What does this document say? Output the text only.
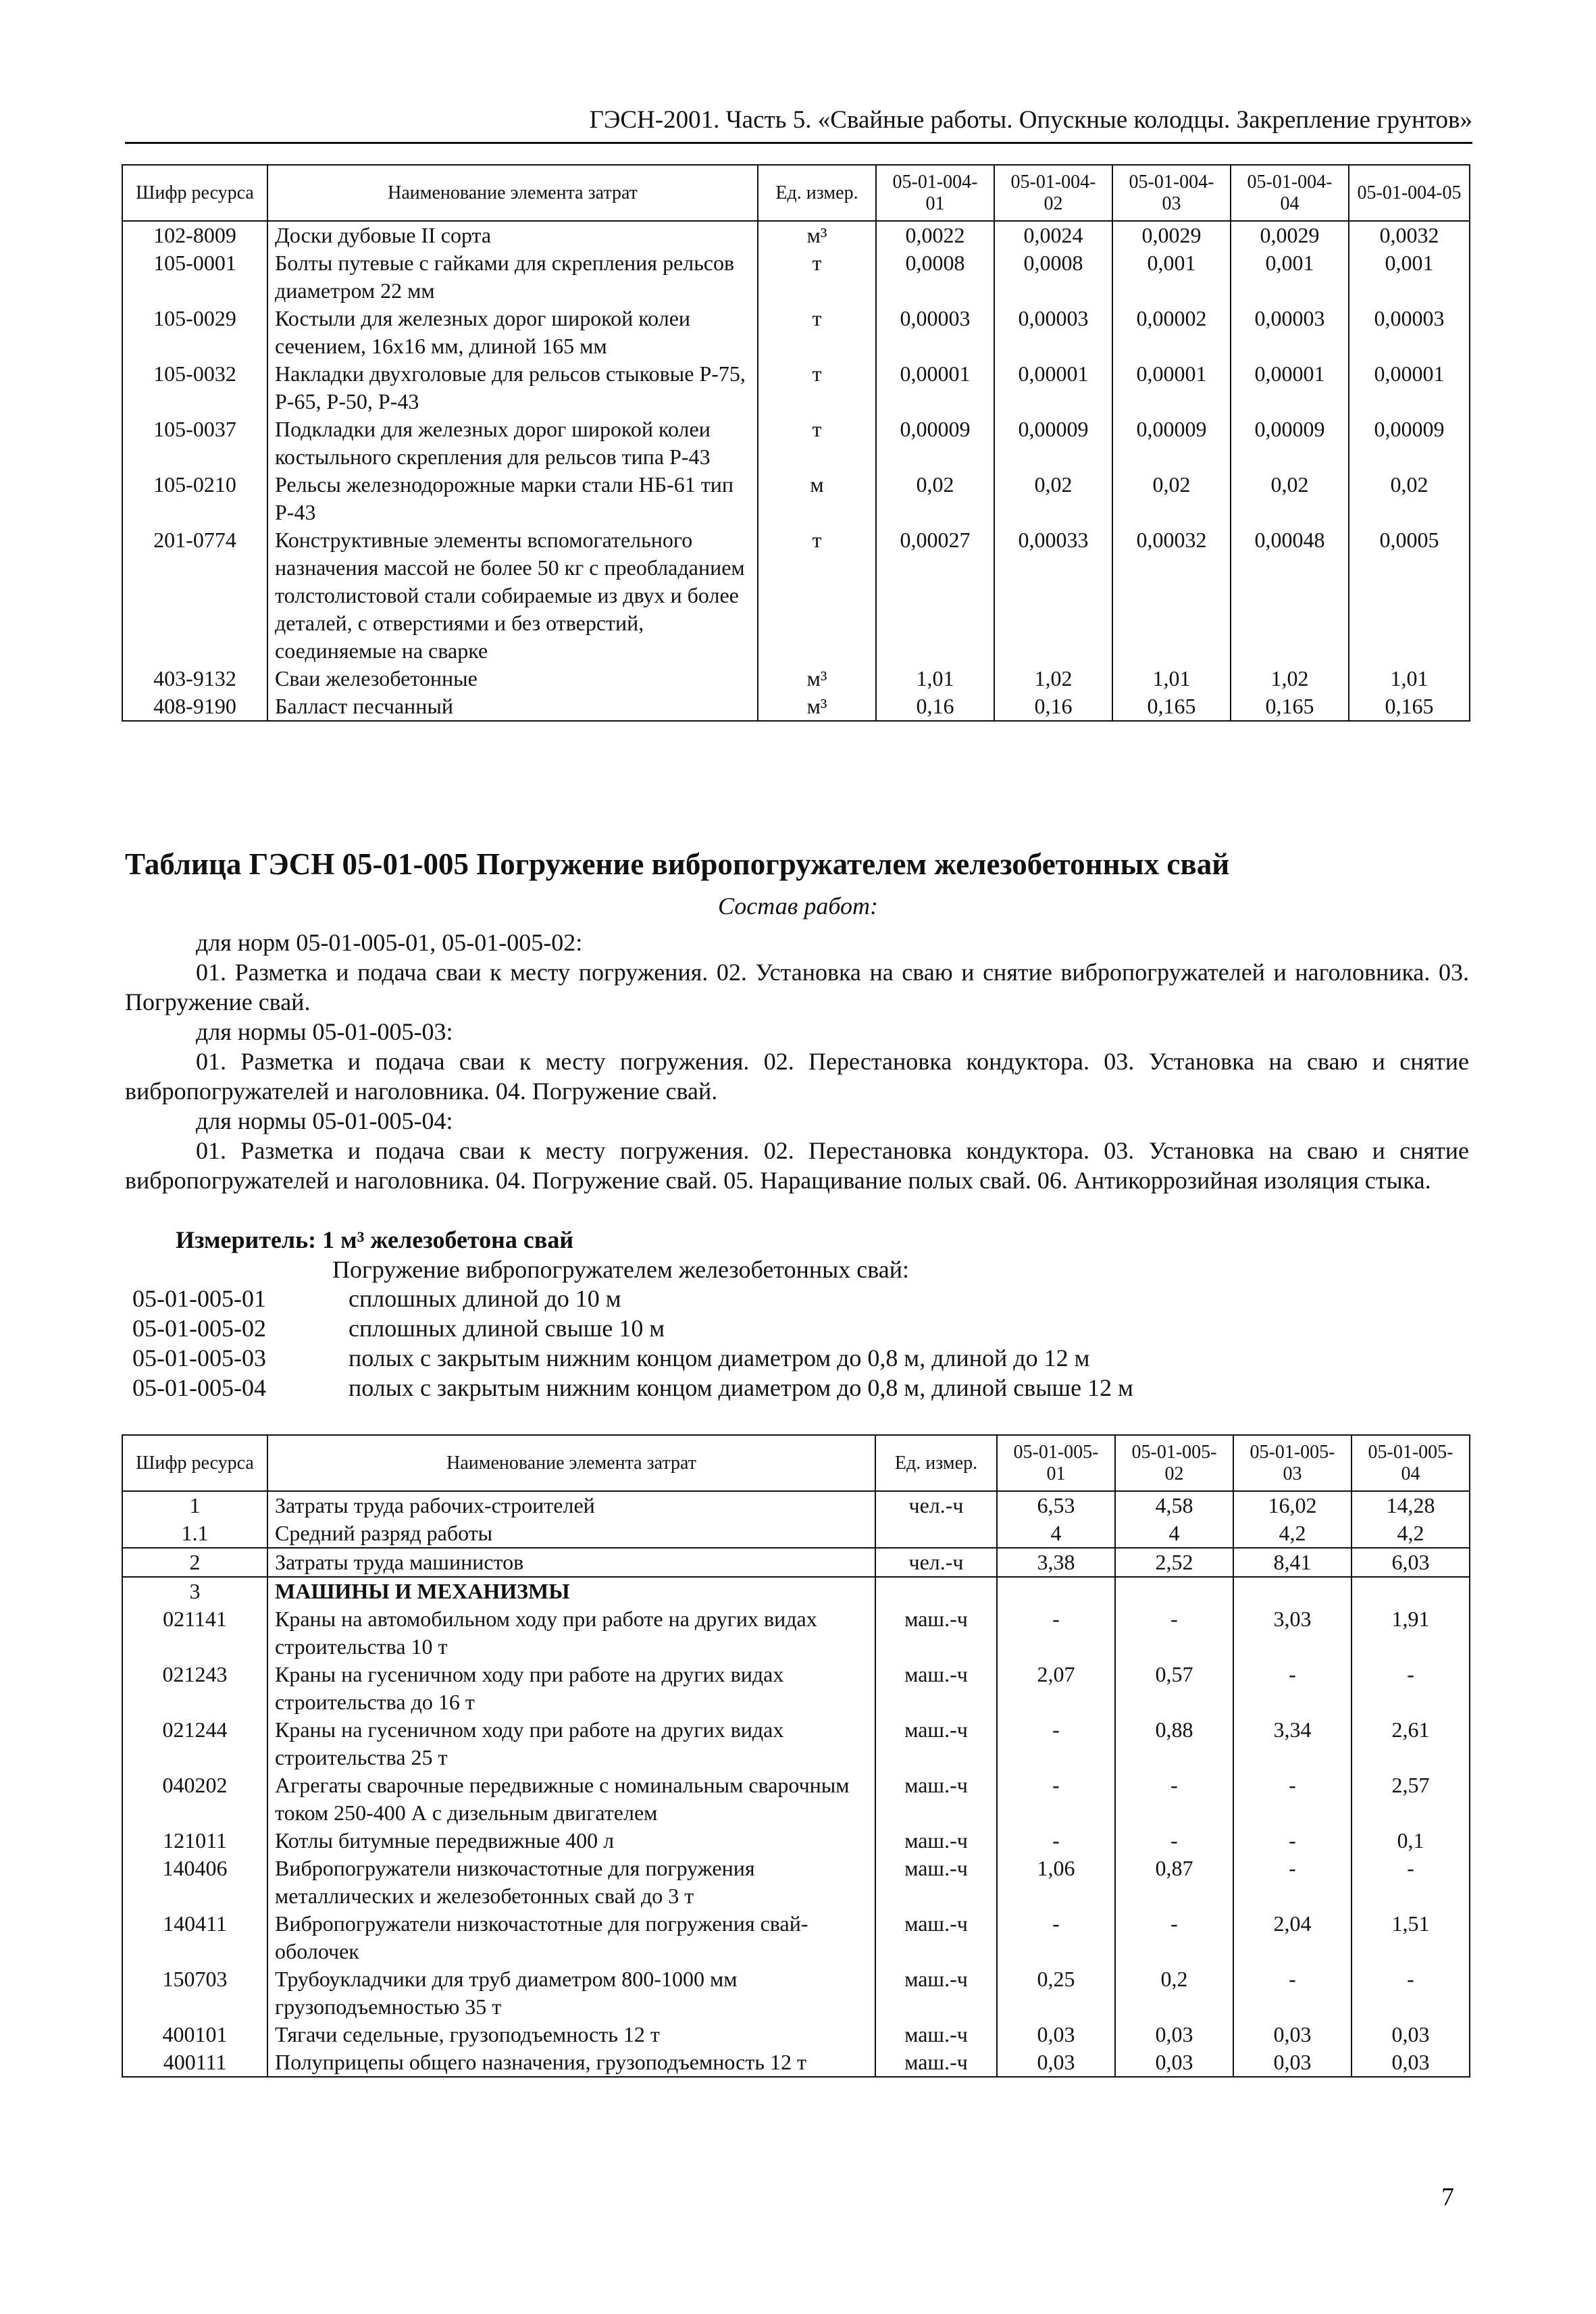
ГЭСН-2001. Часть 5. «Свайные работы. Опускные колодцы. Закрепление грунтов»
Шифр ресурса	Наименование элемента затрат	Ед. измер.	05-01-004-01	05-01-004-02	05-01-004-03	05-01-004-04	05-01-004-05
102-8009	Доски дубовые II сорта	м³	0,0022	0,0024	0,0029	0,0029	0,0032
105-0001	Болты путевые с гайками для скрепления рельсов диаметром 22 мм	т	0,0008	0,0008	0,001	0,001	0,001
105-0029	Костыли для железных дорог широкой колеи сечением, 16х16 мм, длиной 165 мм	т	0,00003	0,00003	0,00002	0,00003	0,00003
105-0032	Накладки двухголовые для рельсов стыковые Р-75, Р-65, Р-50, Р-43	т	0,00001	0,00001	0,00001	0,00001	0,00001
105-0037	Подкладки для железных дорог широкой колеи костыльного скрепления для рельсов типа Р-43	т	0,00009	0,00009	0,00009	0,00009	0,00009
105-0210	Рельсы железнодорожные марки стали НБ-61 тип Р-43	м	0,02	0,02	0,02	0,02	0,02
201-0774	Конструктивные элементы вспомогательного назначения массой не более 50 кг с преобладанием толстолистовой стали собираемые из двух и более деталей, с отверстиями и без отверстий, соединяемые на сварке	т	0,00027	0,00033	0,00032	0,00048	0,0005
403-9132	Сваи железобетонные	м³	1,01	1,02	1,01	1,02	1,01
408-9190	Балласт песчанный	м³	0,16	0,16	0,165	0,165	0,165
Таблица ГЭСН 05-01-005 Погружение вибропогружателем железобетонных свай
Состав работ:
для норм 05-01-005-01, 05-01-005-02:
01. Разметка и подача сваи к месту погружения. 02. Установка на сваю и снятие вибропогружателей и наголовника. 03. Погружение свай.
для нормы 05-01-005-03:
01. Разметка и подача сваи к месту погружения. 02. Перестановка кондуктора. 03. Установка на сваю и снятие вибропогружателей и наголовника. 04. Погружение свай.
для нормы 05-01-005-04:
01. Разметка и подача сваи к месту погружения. 02. Перестановка кондуктора. 03. Установка на сваю и снятие вибропогружателей и наголовника. 04. Погружение свай. 05. Наращивание полых свай. 06. Антикоррозийная изоляция стыка.
Измеритель: 1 м³ железобетона свай
Погружение вибропогружателем железобетонных свай:
05-01-005-01	сплошных длиной до 10 м
05-01-005-02	сплошных длиной свыше 10 м
05-01-005-03	полых с закрытым нижним концом диаметром до 0,8 м, длиной до 12 м
05-01-005-04	полых с закрытым нижним концом диаметром до 0,8 м, длиной свыше 12 м
Шифр ресурса	Наименование элемента затрат	Ед. измер.	05-01-005-01	05-01-005-02	05-01-005-03	05-01-005-04
1	Затраты труда рабочих-строителей	чел.-ч	6,53	4,58	16,02	14,28
1.1	Средний разряд работы		4	4	4,2	4,2
2	Затраты труда машинистов	чел.-ч	3,38	2,52	8,41	6,03
3	МАШИНЫ И МЕХАНИЗМЫ					
021141	Краны на автомобильном ходу при работе на других видах строительства 10 т	маш.-ч	-	-	3,03	1,91
021243	Краны на гусеничном ходу при работе на других видах строительства до 16 т	маш.-ч	2,07	0,57	-	-
021244	Краны на гусеничном ходу при работе на других видах строительства 25 т	маш.-ч	-	0,88	3,34	2,61
040202	Агрегаты сварочные передвижные с номинальным сварочным током 250-400 А с дизельным двигателем	маш.-ч	-	-	-	2,57
121011	Котлы битумные передвижные 400 л	маш.-ч	-	-	-	0,1
140406	Вибропогружатели низкочастотные для погружения металлических и железобетонных свай до 3 т	маш.-ч	1,06	0,87	-	-
140411	Вибропогружатели низкочастотные для погружения свай-оболочек	маш.-ч	-	-	2,04	1,51
150703	Трубоукладчики для труб диаметром 800-1000 мм грузоподъемностью 35 т	маш.-ч	0,25	0,2	-	-
400101	Тягачи седельные, грузоподъемность 12 т	маш.-ч	0,03	0,03	0,03	0,03
400111	Полуприцепы общего назначения, грузоподъемность 12 т	маш.-ч	0,03	0,03	0,03	0,03
7
